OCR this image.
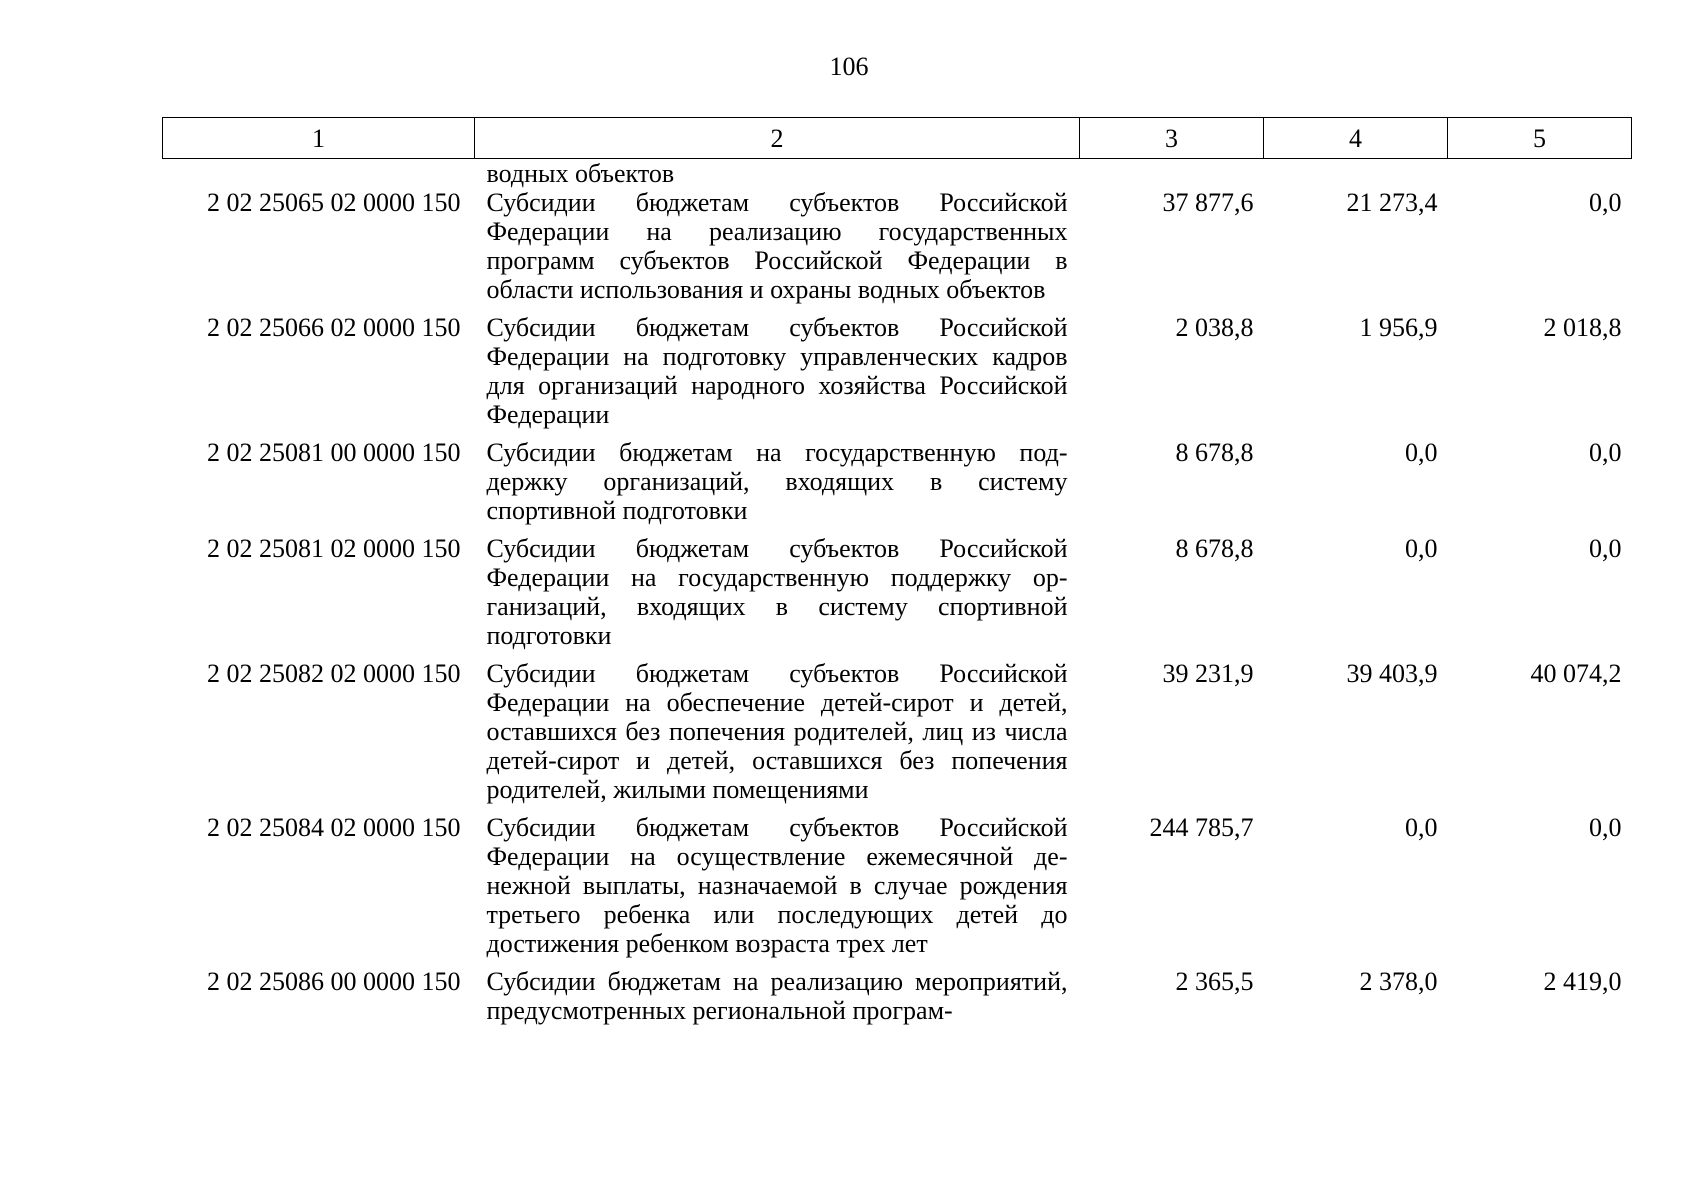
106
1	2	3	4	5
	водных объектов			
2 02 25065 02 0000 150	Субсидии бюджетам субъектов Российской Федерации на реализацию государственных программ субъектов Российской Федерации в области использования и охраны водных объектов	37 877,6	21 273,4	0,0
2 02 25066 02 0000 150	Субсидии бюджетам субъектов Российской Федерации на подготовку управленческих кадров для организаций народного хозяйства Российской Федерации	2 038,8	1 956,9	2 018,8
2 02 25081 00 0000 150	Субсидии бюджетам на государственную поддержку организаций, входящих в систему спортивной подготовки	8 678,8	0,0	0,0
2 02 25081 02 0000 150	Субсидии бюджетам субъектов Российской Федерации на государственную поддержку организаций, входящих в систему спортивной подготовки	8 678,8	0,0	0,0
2 02 25082 02 0000 150	Субсидии бюджетам субъектов Российской Федерации на обеспечение детей-сирот и детей, оставшихся без попечения родителей, лиц из числа детей-сирот и детей, оставшихся без попечения родителей, жилыми помещениями	39 231,9	39 403,9	40 074,2
2 02 25084 02 0000 150	Субсидии бюджетам субъектов Российской Федерации на осуществление ежемесячной денежной выплаты, назначаемой в случае рождения третьего ребенка или последующих детей до достижения ребенком возраста трех лет	244 785,7	0,0	0,0
2 02 25086 00 0000 150	Субсидии бюджетам на реализацию мероприятий, предусмотренных региональной програм-	2 365,5	2 378,0	2 419,0
